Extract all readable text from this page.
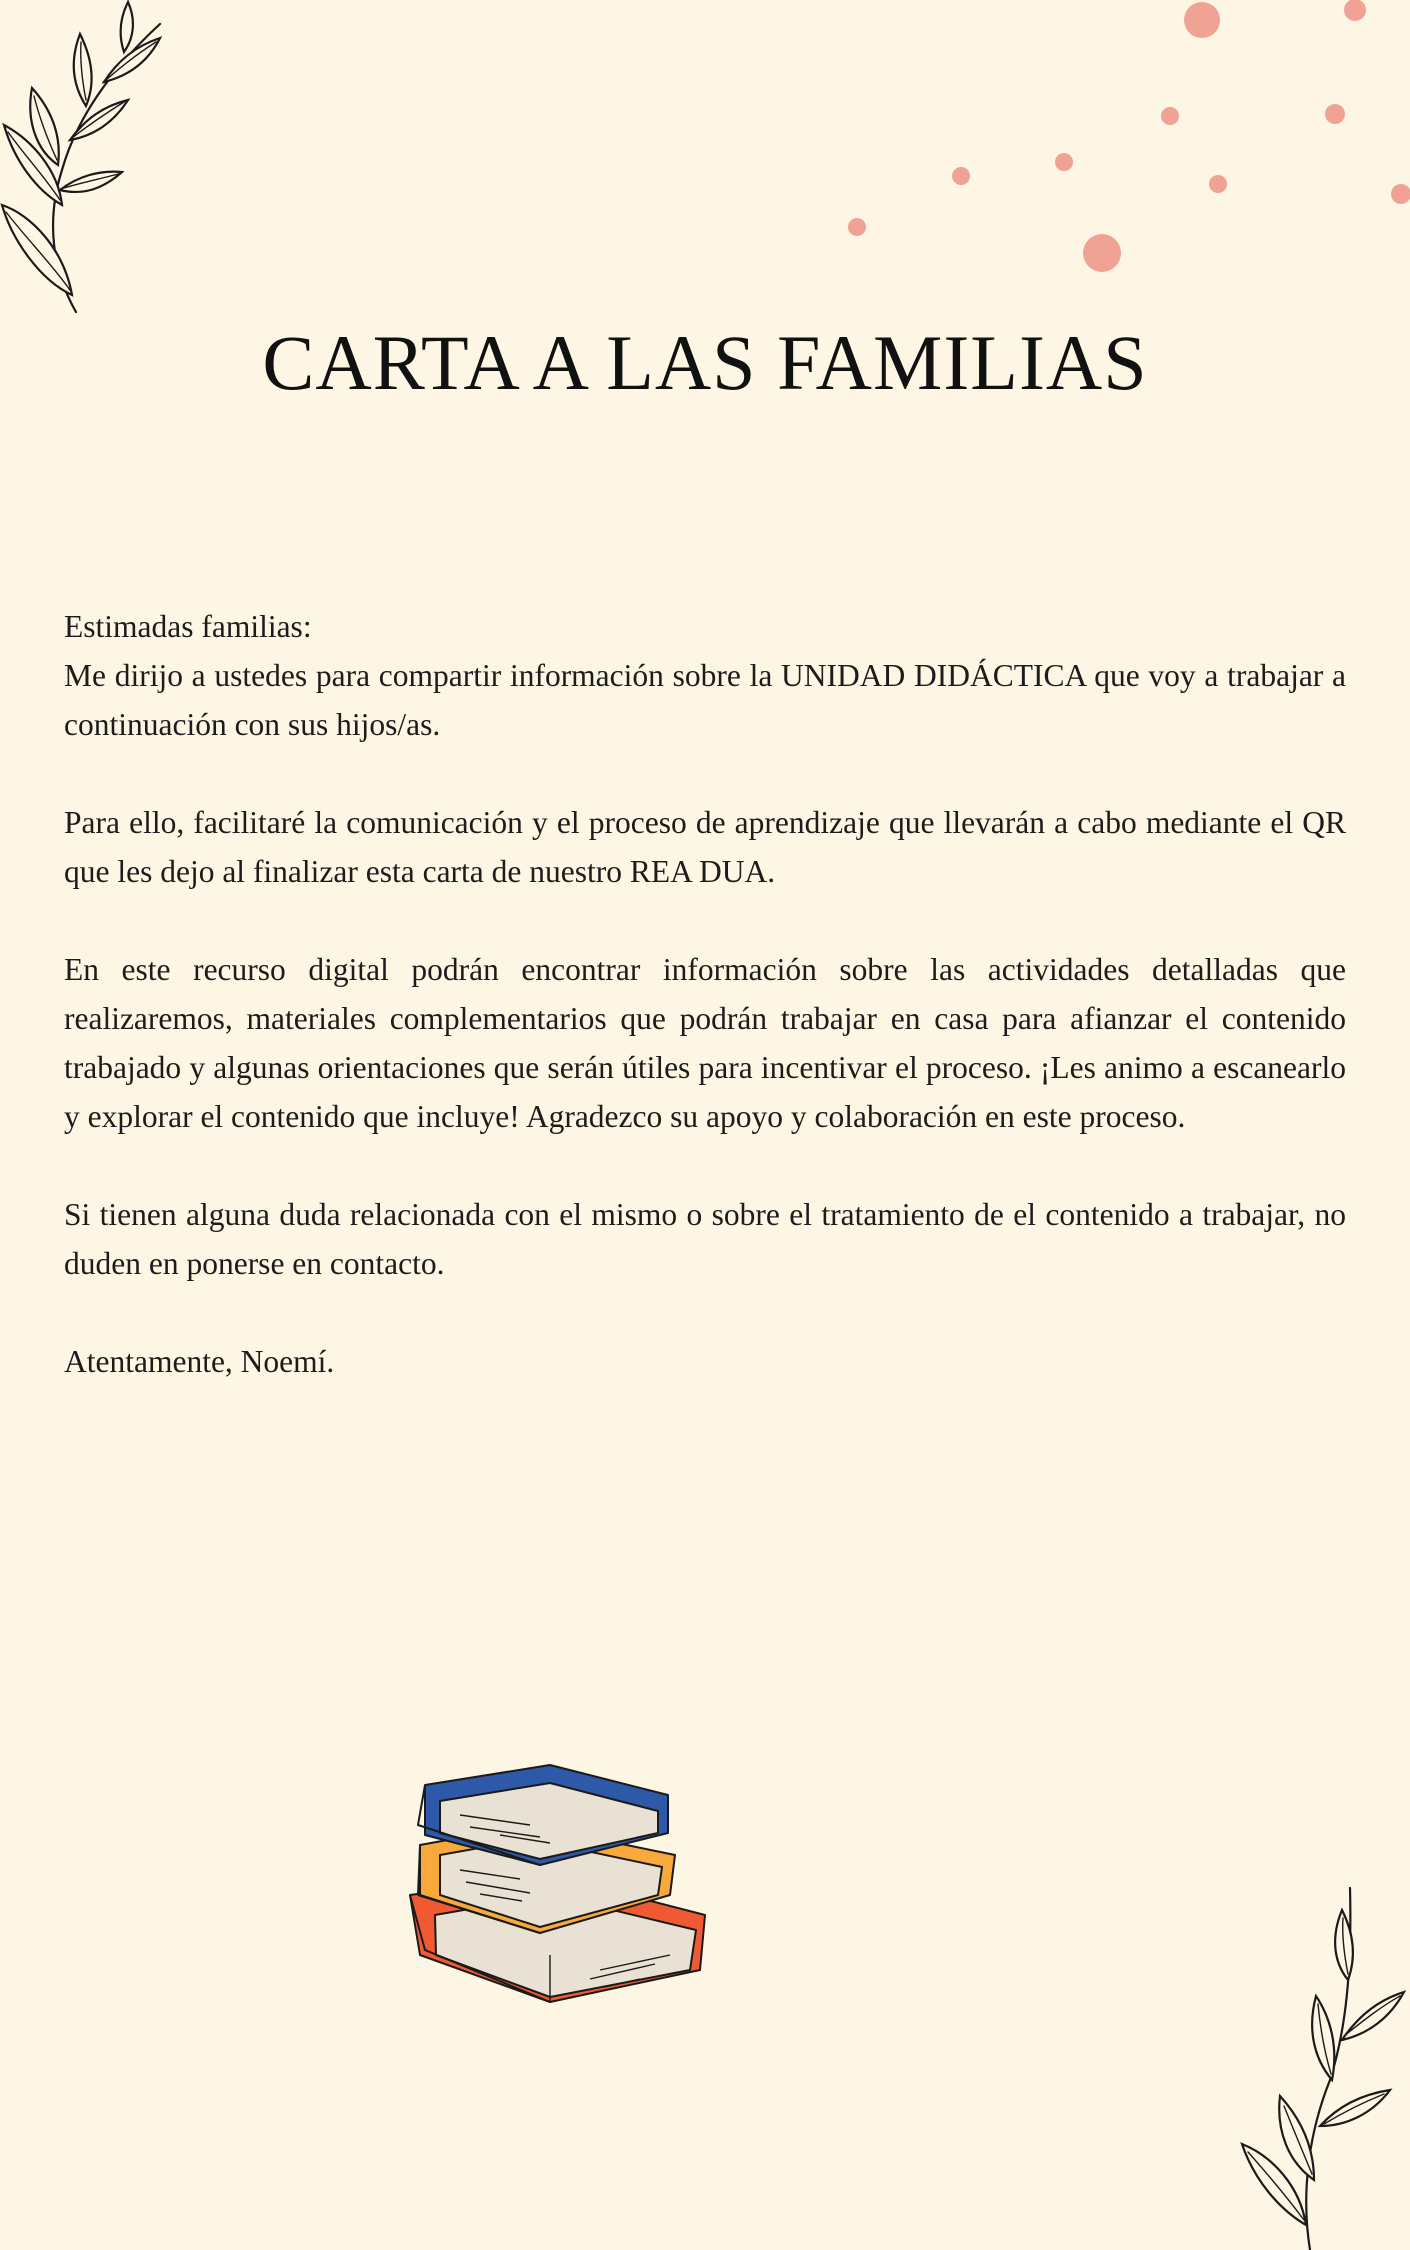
CARTA A LAS FAMILIAS

Estimadas familias:

Me dirijo a ustedes para compartir información sobre la UNIDAD DIDÁCTICA que voy a trabajar a continuación con sus hijos/as.

Para ello, facilitaré la comunicación y el proceso de aprendizaje que llevarán a cabo mediante el QR que les dejo al finalizar esta carta de nuestro REA DUA.

En este recurso digital podrán encontrar información sobre las actividades detalladas que realizaremos, materiales complementarios que podrán trabajar en casa para afianzar el contenido trabajado y algunas orientaciones que serán útiles para incentivar el proceso. ¡Les animo a escanearlo y explorar el contenido que incluye! Agradezco su apoyo y colaboración en este proceso.

Si tienen alguna duda relacionada con el mismo o sobre el tratamiento de el contenido a trabajar, no duden en ponerse en contacto.

Atentamente, Noemí.
